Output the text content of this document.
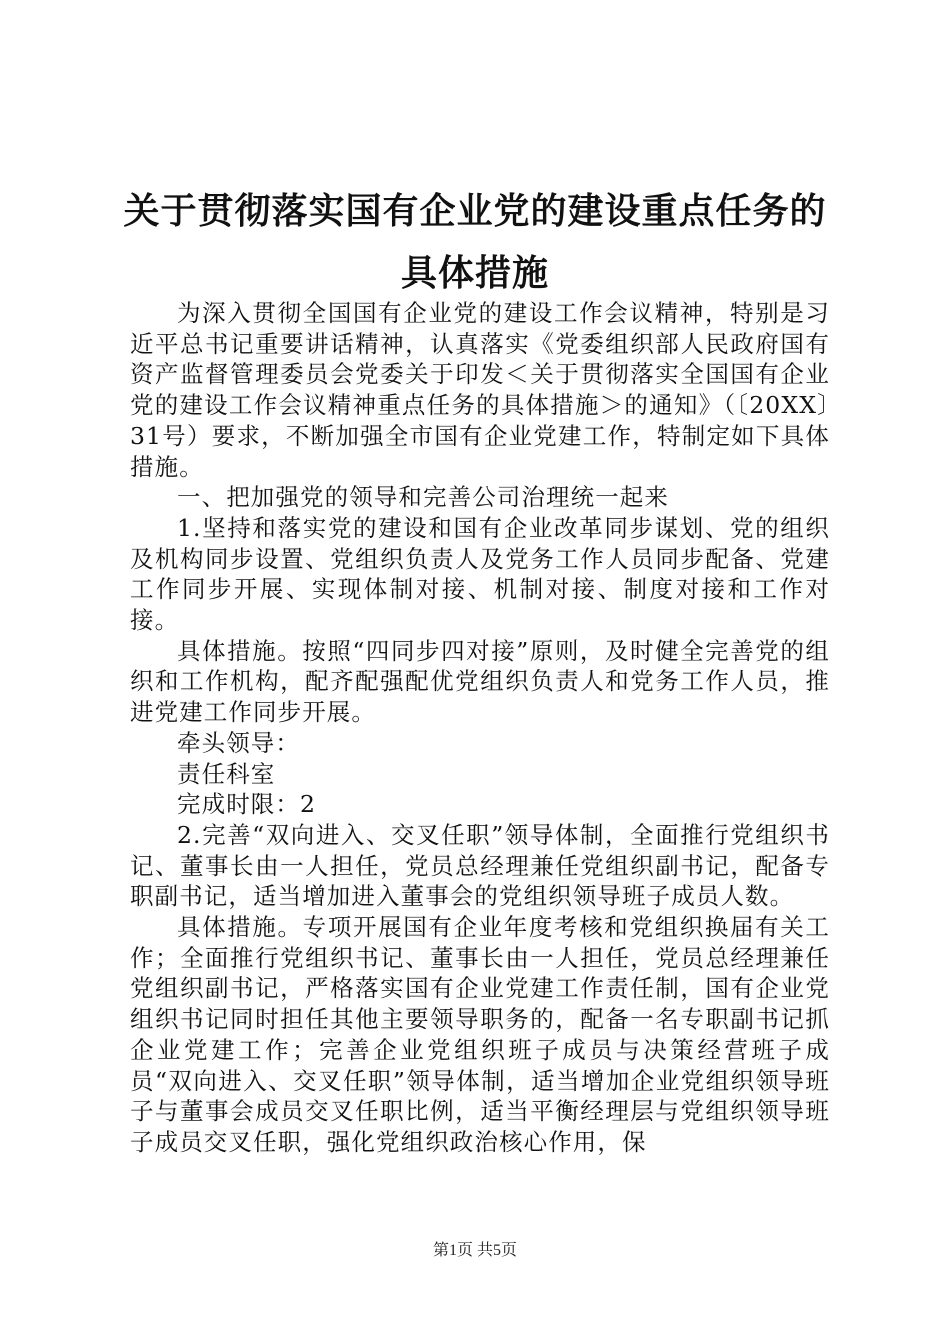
关于贯彻落实国有企业党的建设重点任务的具体措施

为深入贯彻全国国有企业党的建设工作会议精神，特别是习近平总书记重要讲话精神，认真落实《党委组织部人民政府国有资产监督管理委员会党委关于印发＜关于贯彻落实全国国有企业党的建设工作会议精神重点任务的具体措施＞的通知》（〔20XX〕31号）要求，不断加强全市国有企业党建工作，特制定如下具体措施。

一、把加强党的领导和完善公司治理统一起来

1.坚持和落实党的建设和国有企业改革同步谋划、党的组织及机构同步设置、党组织负责人及党务工作人员同步配备、党建工作同步开展、实现体制对接、机制对接、制度对接和工作对接。

具体措施。按照“四同步四对接”原则，及时健全完善党的组织和工作机构，配齐配强配优党组织负责人和党务工作人员，推进党建工作同步开展。

牵头领导：

责任科室

完成时限：2

2.完善“双向进入、交叉任职”领导体制，全面推行党组织书记、董事长由一人担任，党员总经理兼任党组织副书记，配备专职副书记，适当增加进入董事会的党组织领导班子成员人数。

具体措施。专项开展国有企业年度考核和党组织换届有关工作；全面推行党组织书记、董事长由一人担任，党员总经理兼任党组织副书记，严格落实国有企业党建工作责任制，国有企业党组织书记同时担任其他主要领导职务的，配备一名专职副书记抓企业党建工作；完善企业党组织班子成员与决策经营班子成员“双向进入、交叉任职”领导体制，适当增加企业党组织领导班子与董事会成员交叉任职比例，适当平衡经理层与党组织领导班子成员交叉任职，强化党组织政治核心作用，保

第1页 共5页
